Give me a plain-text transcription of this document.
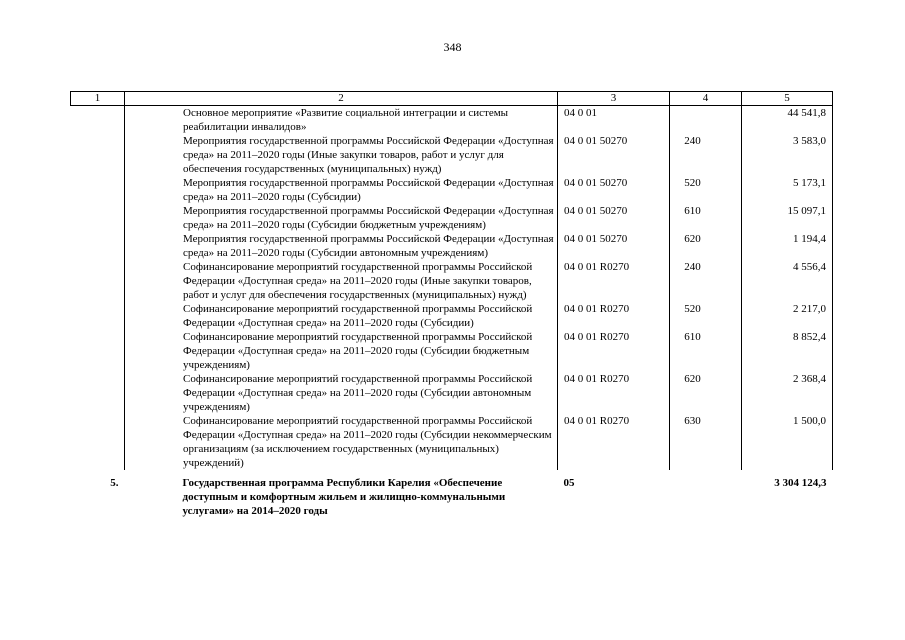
348
1	2	3	4	5
	Основное мероприятие «Развитие социальной интеграции и системы реабилитации инвалидов»	04 0 01		44 541,8
	Мероприятия государственной программы Российской Федерации «Доступная среда» на 2011–2020 годы (Иные закупки товаров, работ и услуг для обеспечения государственных (муниципальных) нужд)	04 0 01 50270	240	3 583,0
	Мероприятия государственной программы Российской Федерации «Доступная среда» на 2011–2020 годы (Субсидии)	04 0 01 50270	520	5 173,1
	Мероприятия государственной программы Российской Федерации «Доступная среда» на 2011–2020 годы (Субсидии бюджетным учреждениям)	04 0 01 50270	610	15 097,1
	Мероприятия государственной программы Российской Федерации «Доступная среда» на 2011–2020 годы (Субсидии автономным учреждениям)	04 0 01 50270	620	1 194,4
	Софинансирование мероприятий государственной программы Российской Федерации «Доступная среда» на 2011–2020 годы (Иные закупки товаров, работ и услуг для обеспечения государственных (муниципальных) нужд)	04 0 01 R0270	240	4 556,4
	Софинансирование мероприятий государственной программы Российской Федерации «Доступная среда» на 2011–2020 годы (Субсидии)	04 0 01 R0270	520	2 217,0
	Софинансирование мероприятий государственной программы Российской Федерации «Доступная среда» на 2011–2020 годы (Субсидии бюджетным учреждениям)	04 0 01 R0270	610	8 852,4
	Софинансирование мероприятий государственной программы Российской Федерации «Доступная среда» на 2011–2020 годы (Субсидии автономным учреждениям)	04 0 01 R0270	620	2 368,4
	Софинансирование мероприятий государственной программы Российской Федерации «Доступная среда» на 2011–2020 годы (Субсидии некоммерческим организациям (за исключением государственных (муниципальных) учреждений)	04 0 01 R0270	630	1 500,0
5.	Государственная программа Республики Карелия «Обеспечение доступным и комфортным жильем и жилищно-коммунальными услугами» на 2014–2020 годы	05		3 304 124,3
